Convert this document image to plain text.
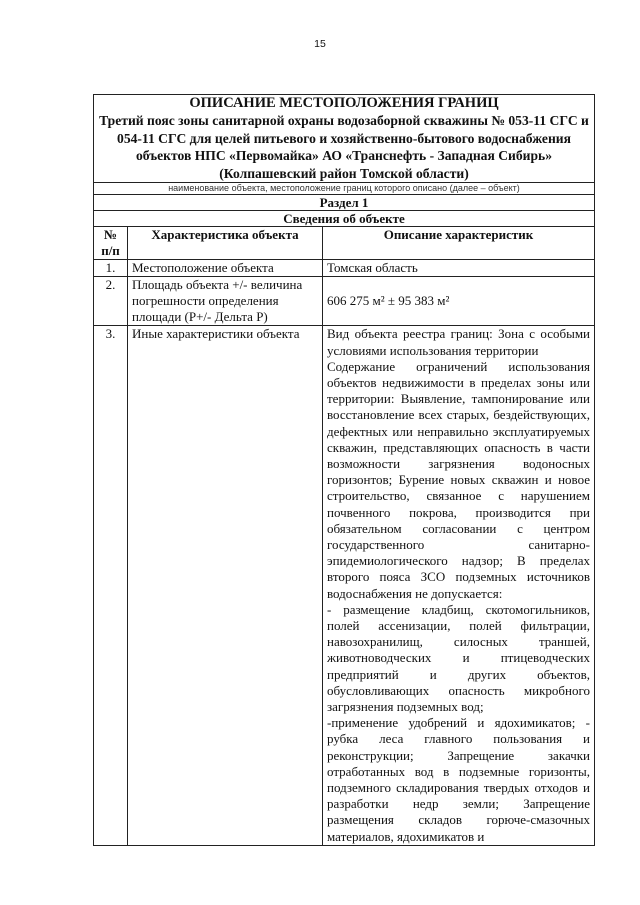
15
ОПИСАНИЕ МЕСТОПОЛОЖЕНИЯ ГРАНИЦ
Третий пояс зоны санитарной охраны водозаборной скважины № 053-11 СГС и 054-11 СГС для целей питьевого и хозяйственно-бытового водоснабжения объектов НПС «Первомайка» АО «Транснефть - Западная Сибирь» (Колпашевский район Томской области)		

наименование объекта, местоположение границ которого описано (далее – объект)		
Раздел 1		
Сведения об объекте		
№ п/п	Характеристика объекта	Описание характеристик
1.	Местоположение объекта	Томская область
2.	Площадь объекта +/- величина погрешности определения площади (Р+/- Дельта Р)	606 275 м² ± 95 383 м²
3.	Иные характеристики объекта	Вид объекта реестра границ: Зона с особыми условиями использования территории

Содержание ограничений использования объектов недвижимости в пределах зоны или территории: Выявление, тампонирование или восстановление всех старых, бездействующих, дефектных или неправильно эксплуатируемых скважин, представляющих опасность в части возможности загрязнения водоносных горизонтов; Бурение новых скважин и новое строительство, связанное с нарушением почвенного покрова, производится при обязательном согласовании с центром государственного санитарно-эпидемиологического надзор; В пределах второго пояса ЗСО подземных источников водоснабжения не допускается:

- размещение кладбищ, скотомогильников, полей ассенизации, полей фильтрации, навозохранилищ, силосных траншей, животноводческих и птицеводческих предприятий и других объектов, обусловливающих опасность микробного загрязнения подземных вод;

-применение удобрений и ядохимикатов; - рубка леса главного пользования и реконструкции; Запрещение закачки отработанных вод в подземные горизонты, подземного складирования твердых отходов и разработки недр земли; Запрещение размещения складов горюче-смазочных материалов, ядохимикатов и
